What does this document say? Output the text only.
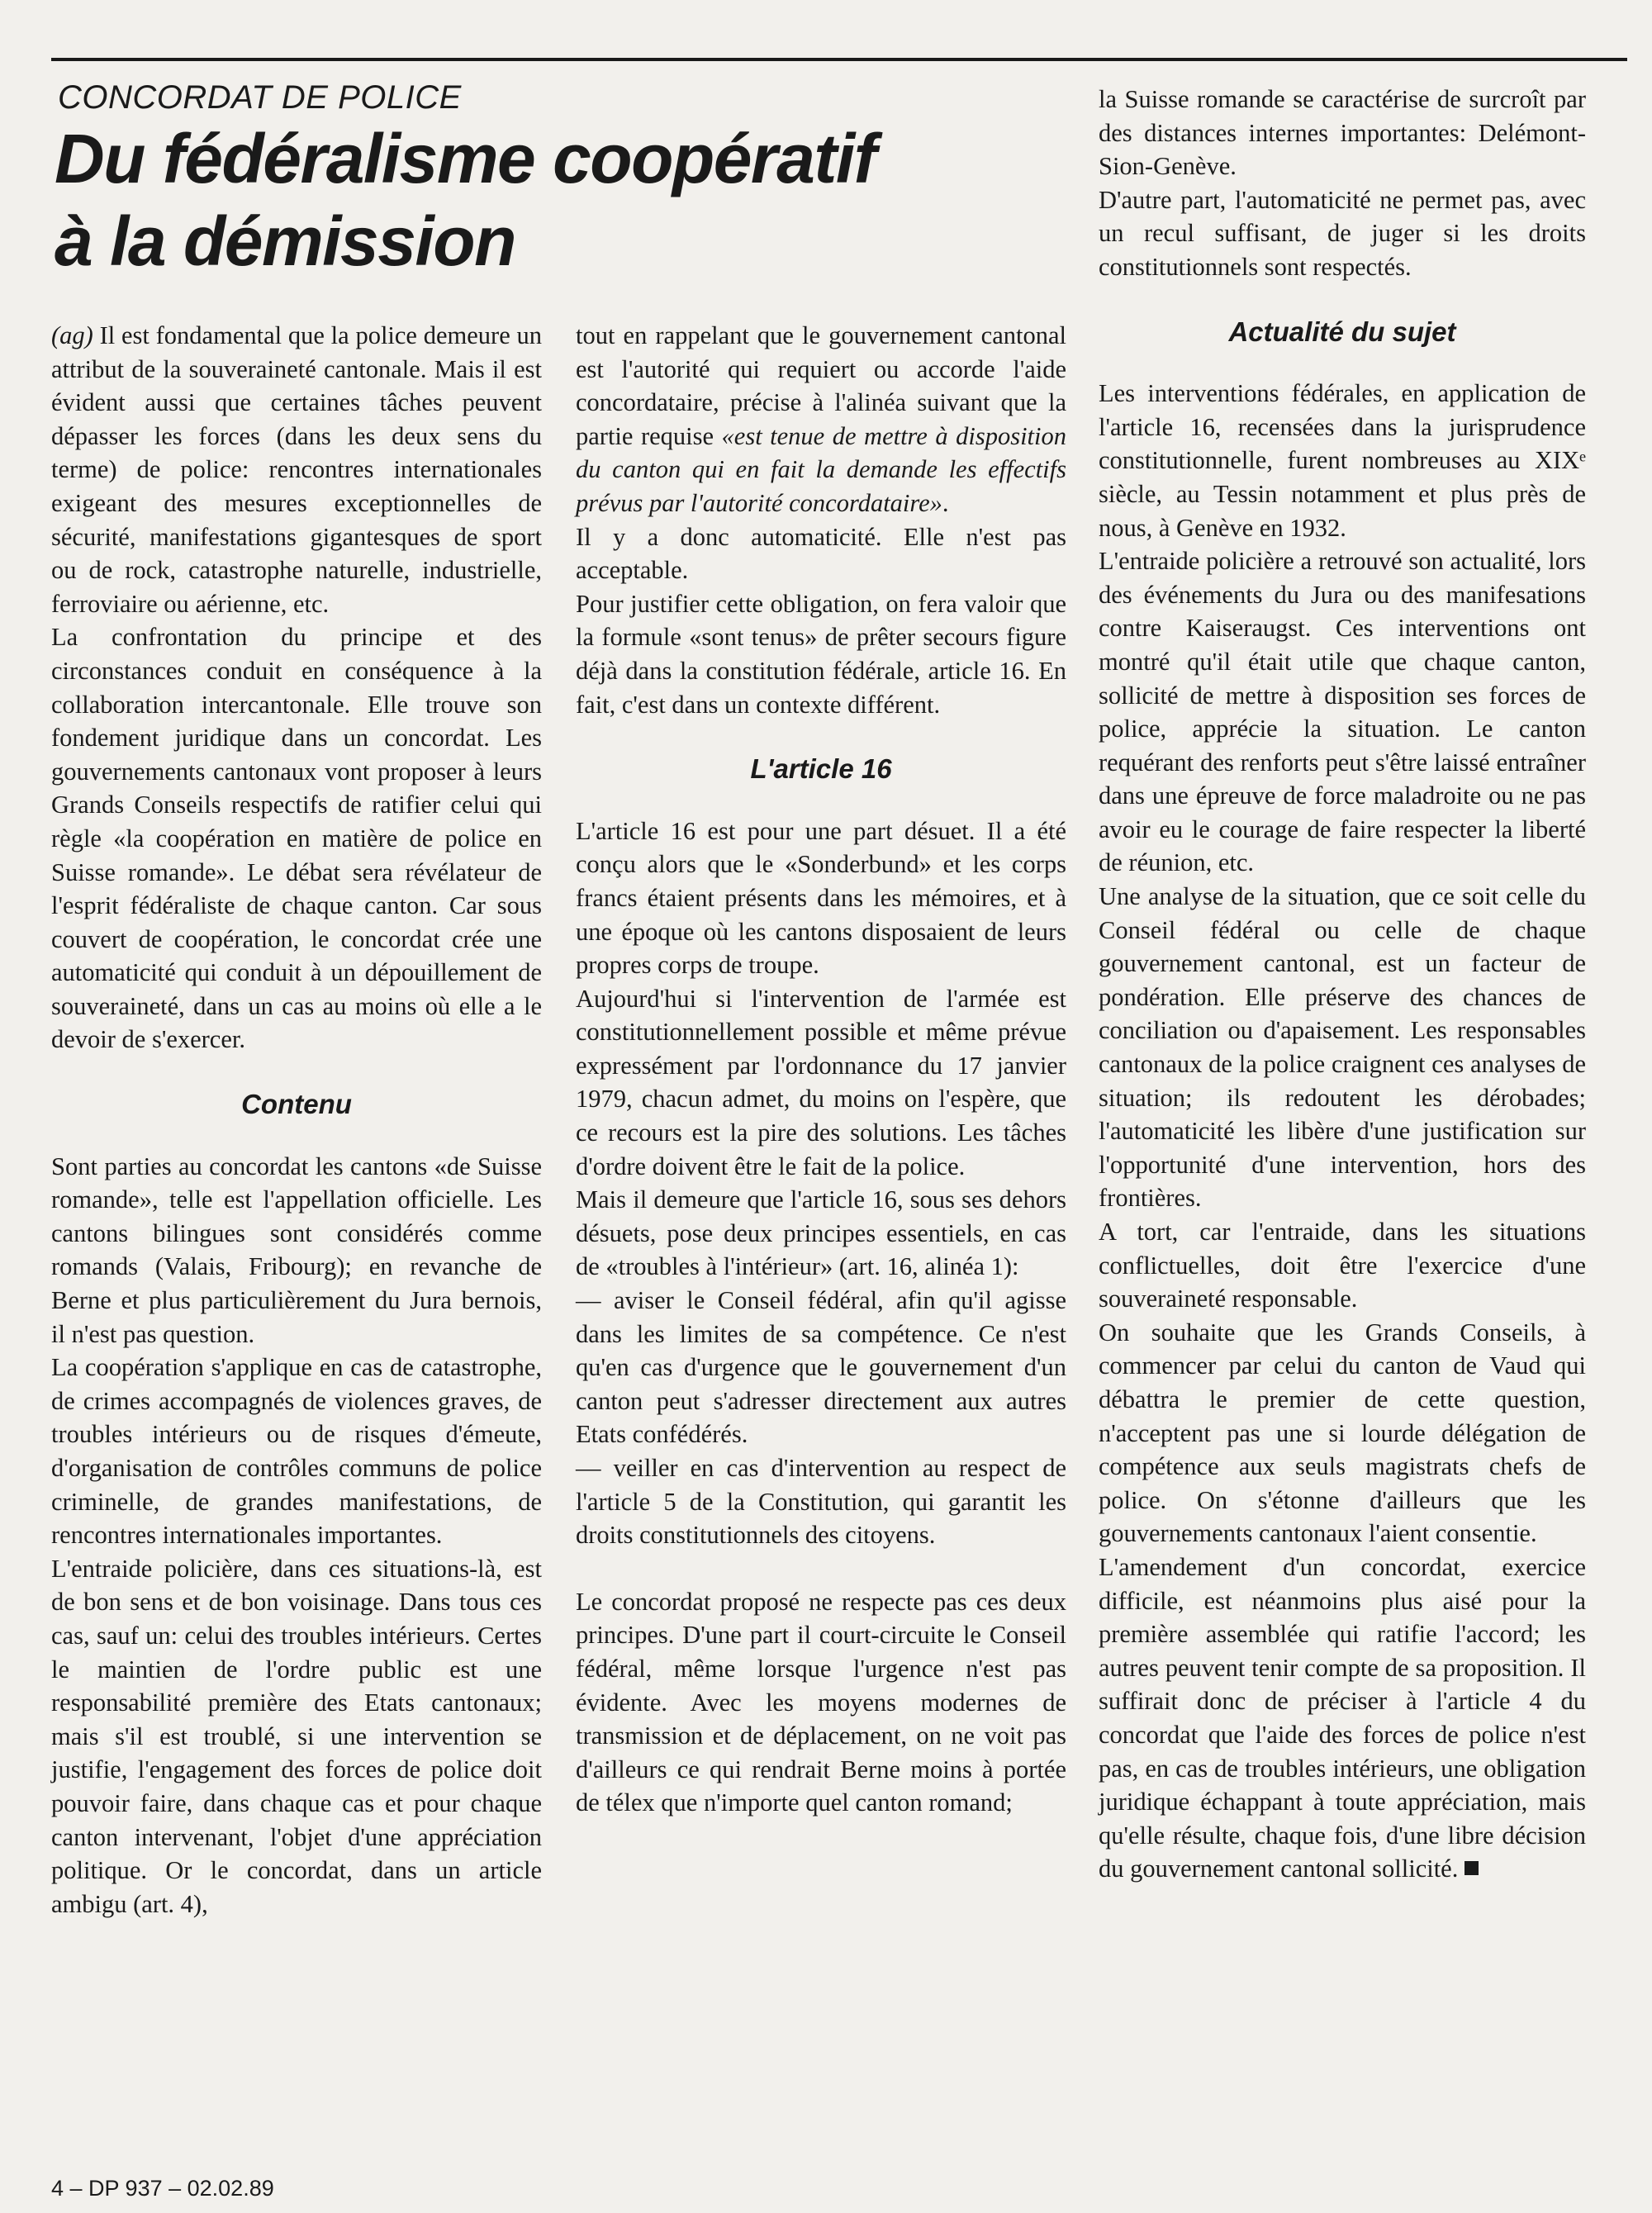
CONCORDAT DE POLICE
Du fédéralisme coopératif
à la démission

(ag) Il est fondamental que la police demeure un attribut de la souveraineté cantonale. Mais il est évident aussi que certaines tâches peuvent dépasser les forces (dans les deux sens du terme) de police: rencontres internationales exigeant des mesures exceptionnelles de sécurité, manifestations gigantesques de sport ou de rock, catastrophe naturelle, industrielle, ferroviaire ou aérienne, etc.

La confrontation du principe et des circonstances conduit en conséquence à la collaboration intercantonale. Elle trouve son fondement juridique dans un concordat. Les gouvernements cantonaux vont proposer à leurs Grands Conseils respectifs de ratifier celui qui règle «la coopération en matière de police en Suisse romande». Le débat sera révélateur de l'esprit fédéraliste de chaque canton. Car sous couvert de coopération, le concordat crée une automaticité qui conduit à un dépouillement de souveraineté, dans un cas au moins où elle a le devoir de s'exercer.

Contenu

Sont parties au concordat les cantons «de Suisse romande», telle est l'appellation officielle. Les cantons bilingues sont considérés comme romands (Valais, Fribourg); en revanche de Berne et plus particulièrement du Jura bernois, il n'est pas question.

La coopération s'applique en cas de catastrophe, de crimes accompagnés de violences graves, de troubles intérieurs ou de risques d'émeute, d'organisation de contrôles communs de police criminelle, de grandes manifestations, de rencontres internationales importantes.

L'entraide policière, dans ces situations-là, est de bon sens et de bon voisinage. Dans tous ces cas, sauf un: celui des troubles intérieurs. Certes le maintien de l'ordre public est une responsabilité première des Etats cantonaux; mais s'il est troublé, si une intervention se justifie, l'engagement des forces de police doit pouvoir faire, dans chaque cas et pour chaque canton intervenant, l'objet d'une appréciation politique. Or le concordat, dans un article ambigu (art. 4),

tout en rappelant que le gouvernement cantonal est l'autorité qui requiert ou accorde l'aide concordataire, précise à l'alinéa suivant que la partie requise «est tenue de mettre à disposition du canton qui en fait la demande les effectifs prévus par l'autorité concordataire».

Il y a donc automaticité. Elle n'est pas acceptable.

Pour justifier cette obligation, on fera valoir que la formule «sont tenus» de prêter secours figure déjà dans la constitution fédérale, article 16. En fait, c'est dans un contexte différent.

L'article 16

L'article 16 est pour une part désuet. Il a été conçu alors que le «Sonderbund» et les corps francs étaient présents dans les mémoires, et à une époque où les cantons disposaient de leurs propres corps de troupe.

Aujourd'hui si l'intervention de l'armée est constitutionnellement possible et même prévue expressément par l'ordonnance du 17 janvier 1979, chacun admet, du moins on l'espère, que ce recours est la pire des solutions. Les tâches d'ordre doivent être le fait de la police.

Mais il demeure que l'article 16, sous ses dehors désuets, pose deux principes essentiels, en cas de «troubles à l'intérieur» (art. 16, alinéa 1):

— aviser le Conseil fédéral, afin qu'il agisse dans les limites de sa compétence. Ce n'est qu'en cas d'urgence que le gouvernement d'un canton peut s'adresser directement aux autres Etats confédérés.

— veiller en cas d'intervention au respect de l'article 5 de la Constitution, qui garantit les droits constitutionnels des citoyens.

Le concordat proposé ne respecte pas ces deux principes. D'une part il court-circuite le Conseil fédéral, même lorsque l'urgence n'est pas évidente. Avec les moyens modernes de transmission et de déplacement, on ne voit pas d'ailleurs ce qui rendrait Berne moins à portée de télex que n'importe quel canton romand;

la Suisse romande se caractérise de surcroît par des distances internes importantes: Delémont-Sion-Genève.

D'autre part, l'automaticité ne permet pas, avec un recul suffisant, de juger si les droits constitutionnels sont respectés.

Actualité du sujet

Les interventions fédérales, en application de l'article 16, recensées dans la jurisprudence constitutionnelle, furent nombreuses au XIXᵉ siècle, au Tessin notamment et plus près de nous, à Genève en 1932.

L'entraide policière a retrouvé son actualité, lors des événements du Jura ou des manifesations contre Kaiseraugst. Ces interventions ont montré qu'il était utile que chaque canton, sollicité de mettre à disposition ses forces de police, apprécie la situation. Le canton requérant des renforts peut s'être laissé entraîner dans une épreuve de force maladroite ou ne pas avoir eu le courage de faire respecter la liberté de réunion, etc.

Une analyse de la situation, que ce soit celle du Conseil fédéral ou celle de chaque gouvernement cantonal, est un facteur de pondération. Elle préserve des chances de conciliation ou d'apaisement. Les responsables cantonaux de la police craignent ces analyses de situation; ils redoutent les dérobades; l'automaticité les libère d'une justification sur l'opportunité d'une intervention, hors des frontières.

A tort, car l'entraide, dans les situations conflictuelles, doit être l'exercice d'une souveraineté responsable.

On souhaite que les Grands Conseils, à commencer par celui du canton de Vaud qui débattra le premier de cette question, n'acceptent pas une si lourde délégation de compétence aux seuls magistrats chefs de police. On s'étonne d'ailleurs que les gouvernements cantonaux l'aient consentie.

L'amendement d'un concordat, exercice difficile, est néanmoins plus aisé pour la première assemblée qui ratifie l'accord; les autres peuvent tenir compte de sa proposition. Il suffirait donc de préciser à l'article 4 du concordat que l'aide des forces de police n'est pas, en cas de troubles intérieurs, une obligation juridique échappant à toute appréciation, mais qu'elle résulte, chaque fois, d'une libre décision du gouvernement cantonal sollicité.

4 – DP 937 – 02.02.89
